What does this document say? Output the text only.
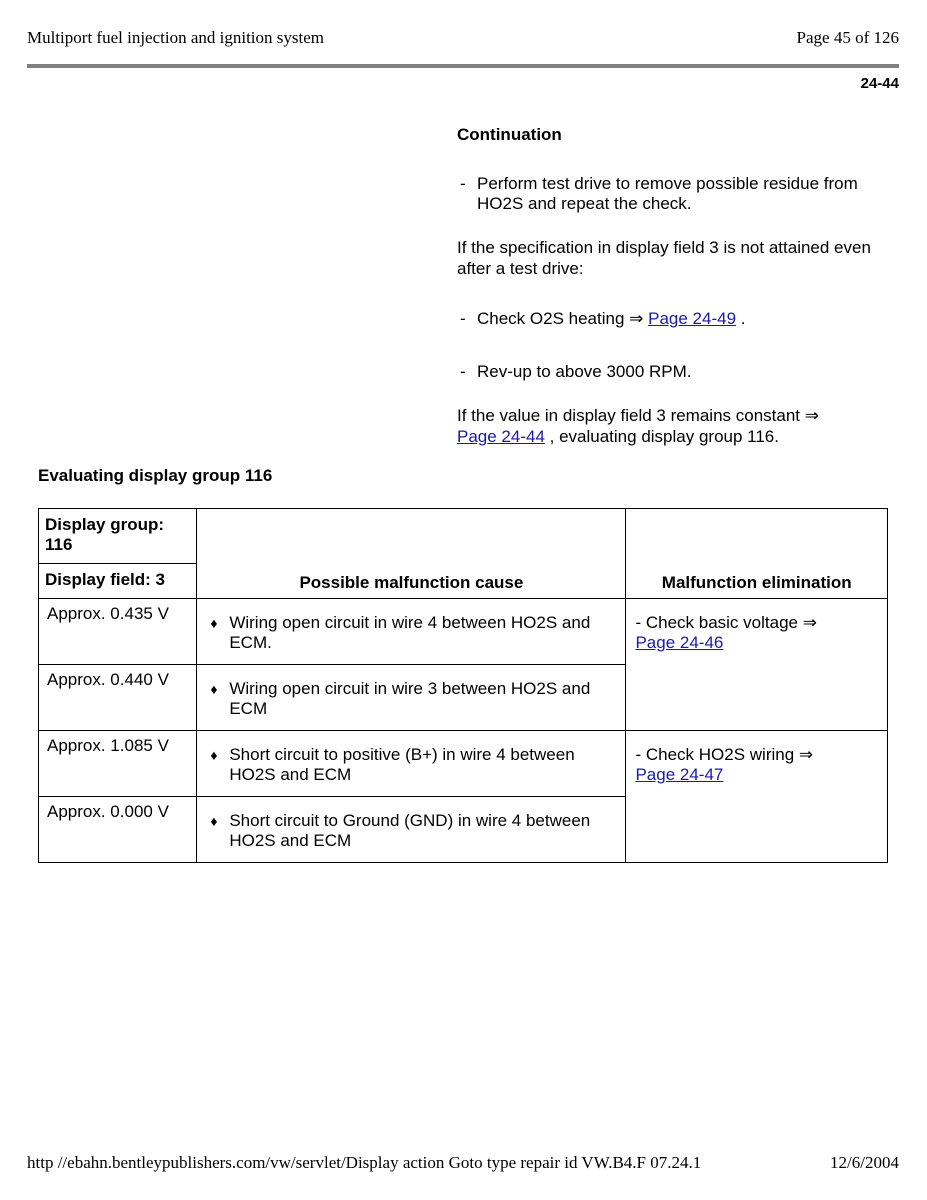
Multiport fuel injection and ignition system	Page 45 of 126
24-44
Continuation
- Perform test drive to remove possible residue from HO2S and repeat the check.
If the specification in display field 3 is not attained even after a test drive:
- Check O2S heating ⇒ Page 24-49 .
- Rev-up to above 3000 RPM.
If the value in display field 3 remains constant ⇒
Page 24-44 , evaluating display group 116.
Evaluating display group 116
Display group: 116	Possible malfunction cause	Malfunction elimination
Display field: 3		
Approx. 0.435 V	♦ Wiring open circuit in wire 4 between HO2S and ECM.	- Check basic voltage ⇒
Page 24-46
Approx. 0.440 V	♦ Wiring open circuit in wire 3 between HO2S and ECM	

Approx. 1.085 V	♦ Short circuit to positive (B+) in wire 4 between HO2S and ECM	- Check HO2S wiring ⇒
Page 24-47
Approx. 0.000 V	♦ Short circuit to Ground (GND) in wire 4 between HO2S and ECM	
http //ebahn.bentleypublishers.com/vw/servlet/Display action Goto type repair id VW.B4.F 07.24.1	12/6/2004
